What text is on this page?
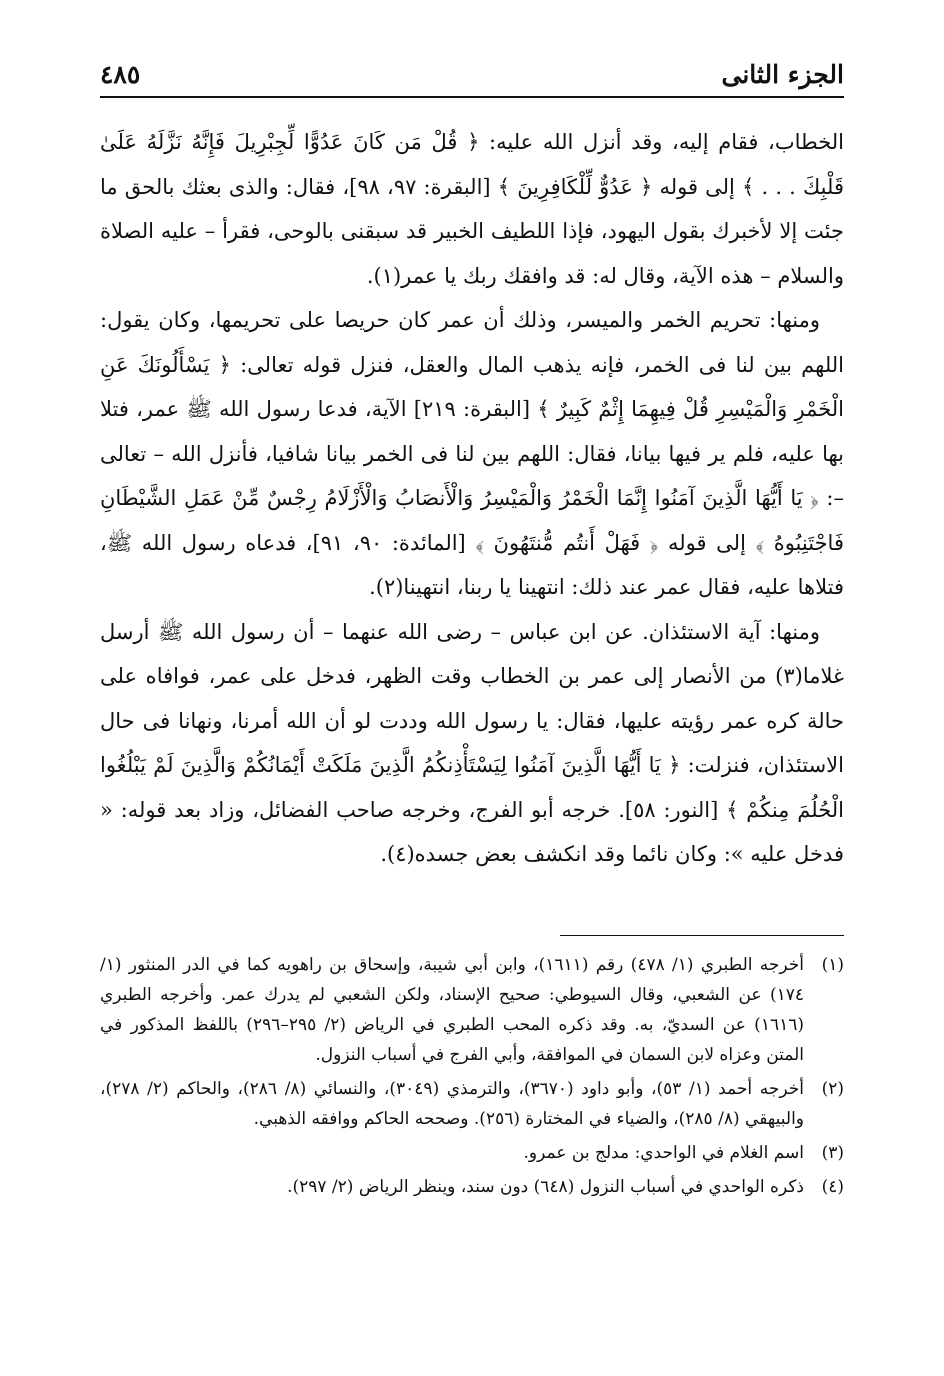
الجزء الثانى
٤٨٥

الخطاب، فقام إليه، وقد أنزل الله عليه: ﴿ قُلْ مَن كَانَ عَدُوًّا لِّجِبْرِيلَ فَإِنَّهُ نَزَّلَهُ عَلَىٰ قَلْبِكَ . . . ﴾ إلى قوله ﴿ عَدُوٌّ لِّلْكَافِرِينَ ﴾ [البقرة: ٩٧، ٩٨]، فقال: والذى بعثك بالحق ما جئت إلا لأخبرك بقول اليهود، فإذا اللطيف الخبير قد سبقنى بالوحى، فقرأ – عليه الصلاة والسلام – هذه الآية، وقال له: قد وافقك ربك يا عمر(١).

ومنها: تحريم الخمر والميسر، وذلك أن عمر كان حريصا على تحريمها، وكان يقول: اللهم بين لنا فى الخمر، فإنه يذهب المال والعقل، فنزل قوله تعالى: ﴿ يَسْأَلُونَكَ عَنِ الْخَمْرِ وَالْمَيْسِرِ قُلْ فِيهِمَا إِثْمٌ كَبِيرٌ ﴾ [البقرة: ٢١٩] الآية، فدعا رسول الله ﷺ عمر، فتلا بها عليه، فلم ير فيها بيانا، فقال: اللهم بين لنا فى الخمر بيانا شافيا، فأنزل الله – تعالى –: ﴿ يَا أَيُّهَا الَّذِينَ آمَنُوا إِنَّمَا الْخَمْرُ وَالْمَيْسِرُ وَالْأَنصَابُ وَالْأَزْلَامُ رِجْسٌ مِّنْ عَمَلِ الشَّيْطَانِ فَاجْتَنِبُوهُ ﴾ إلى قوله ﴿ فَهَلْ أَنتُم مُّنتَهُونَ ﴾ [المائدة: ٩٠، ٩١]، فدعاه رسول الله ﷺ، فتلاها عليه، فقال عمر عند ذلك: انتهينا يا ربنا، انتهينا(٢).

ومنها: آية الاستئذان. عن ابن عباس – رضى الله عنهما – أن رسول الله ﷺ أرسل غلاما(٣) من الأنصار إلى عمر بن الخطاب وقت الظهر، فدخل على عمر، فوافاه على حالة كره عمر رؤيته عليها، فقال: يا رسول الله وددت لو أن الله أمرنا، ونهانا فى حال الاستئذان، فنزلت: ﴿ يَا أَيُّهَا الَّذِينَ آمَنُوا لِيَسْتَأْذِنكُمُ الَّذِينَ مَلَكَتْ أَيْمَانُكُمْ وَالَّذِينَ لَمْ يَبْلُغُوا الْحُلُمَ مِنكُمْ ﴾ [النور: ٥٨]. خرجه أبو الفرج، وخرجه صاحب الفضائل، وزاد بعد قوله: « فدخل عليه »: وكان نائما وقد انكشف بعض جسده(٤).

(١)
أخرجه الطبري (١/ ٤٧٨) رقم (١٦١١)، وابن أبي شيبة، وإسحاق بن راهويه كما في الدر المنثور (١/ ١٧٤) عن الشعبي، وقال السيوطي: صحيح الإسناد، ولكن الشعبي لم يدرك عمر. وأخرجه الطبري (١٦١٦) عن السديّ، به. وقد ذكره المحب الطبري في الرياض (٢/ ٢٩٥–٢٩٦) باللفظ المذكور في المتن وعزاه لابن السمان في الموافقة، وأبي الفرج في أسباب النزول.
(٢)
أخرجه أحمد (١/ ٥٣)، وأبو داود (٣٦٧٠)، والترمذي (٣٠٤٩)، والنسائي (٨/ ٢٨٦)، والحاكم (٢/ ٢٧٨)، والبيهقي (٨/ ٢٨٥)، والضياء في المختارة (٢٥٦). وصححه الحاكم ووافقه الذهبي.
(٣)
اسم الغلام في الواحدي: مدلج بن عمرو.
(٤)
ذكره الواحدي في أسباب النزول (٦٤٨) دون سند، وينظر الرياض (٢/ ٢٩٧).
